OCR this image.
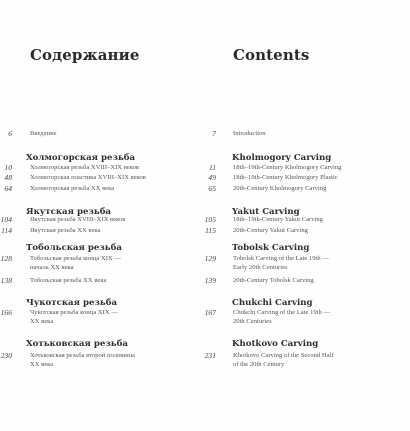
Содержание
6	Введение
Холмогорская резьба
10	Холмогорская резьба XVIII–XIX веков
48	Холмогорская пластика XVIII–XIX веков
64	Холмогорская резьба XX века
Якутская резьба
104	Якутская резьба XVIII–XIX веков
114	Якутская резьба XX века
Тобольская резьба
128	Тобольская резьба конца XIX —
начала XX века
138	Тобольская резьба XX века
Чукотская резьба
166	Чукотская резьба конца XIX —
XX века
Хотьковская резьба
230	Хотьковская резьба второй половины
XX века
Contents
7	Introduction
Kholmogory Carving
11	18th–19th-Century Kholmogory Carving
49	18th–19th-Century Kholmogory Plastic
65	20th-Century Kholmogory Carving
Yakut Carving
105	18th–19th-Century Yakut Carving
115	20th-Century Yakut Carving
Tobolsk Carving
129	Tobolsk Carving of the Late 19th —
Early 20th Centuries
139	20th-Century Tobolsk Carving
Chukchi Carving
167	Chukchi Carving of the Late 19th —
20th Centuries
Khotkovo Carving
231	Khotkovo Carving of the Second Half
of the 20th Century
